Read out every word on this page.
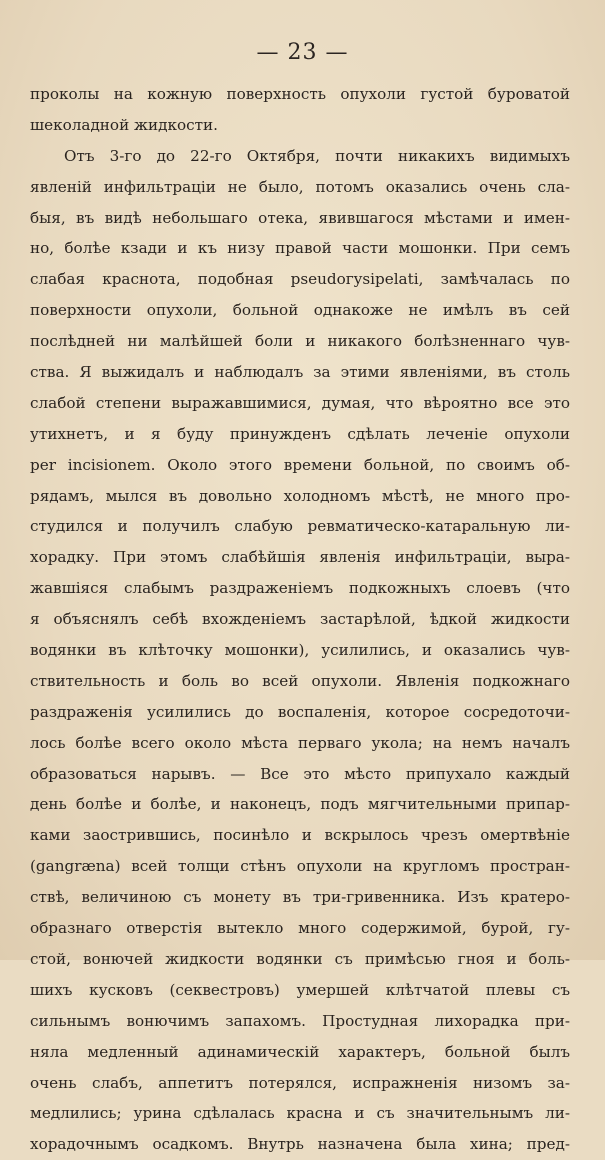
— 23 —
проколы на кожную поверхность опухоли густой буроватой
шеколадной жидкости.
Отъ 3-го до 22-го Октября, почти никакихъ видимыхъ
явленій инфильтраціи не было, потомъ оказались очень сла-
быя, въ видѣ небольшаго отека, явившагося мѣстами и имен-
но, болѣе кзади и къ низу правой части мошонки. При семъ
слабая краснота, подобная pseudoгysipelati, замѣчалась по
поверхности опухоли, больной однакоже не имѣлъ въ сей
послѣдней ни малѣйшей боли и никакого болѣзненнаго чув-
ства. Я выжидалъ и наблюдалъ за этими явленіями, въ столь
слабой степени выражавшимися, думая, что вѣроятно все это
утихнетъ, и я буду принужденъ сдѣлать леченіе опухоли
per incisionem. Около этого времени больной, по своимъ об-
рядамъ, мылся въ довольно холодномъ мѣстѣ, не много про-
студился и получилъ слабую ревматическо-катаральную ли-
хорадку. При этомъ слабѣйшія явленія инфильтраціи, выра-
жавшіяся слабымъ раздраженіемъ подкожныхъ слоевъ (что
я объяснялъ себѣ вхожденіемъ застарѣлой, ѣдкой жидкости
водянки въ клѣточку мошонки), усилились, и оказались чув-
ствительность и боль во всей опухоли. Явленія подкожнаго
раздраженія усилились до воспаленія, которое сосредоточи-
лось болѣе всего около мѣста перваго укола; на немъ началъ
образоваться нарывъ. — Все это мѣсто припухало каждый
день болѣе и болѣе, и наконецъ, подъ мягчительными припар-
ками заострившись, посинѣло и вскрылось чрезъ омертвѣніе
(gangræna) всей толщи стѣнъ опухоли на кругломъ простран-
ствѣ, величиною съ монету въ три-гривенника. Изъ кратеро-
образнаго отверстія вытекло много содержимой, бурой, гу-
стой, вонючей жидкости водянки съ примѣсью гноя и боль-
шихъ кусковъ (секвестровъ) умершей клѣтчатой плевы съ
сильнымъ вонючимъ запахомъ. Простудная лихорадка при-
няла медленный адинамическій характеръ, больной былъ
очень слабъ, аппетитъ потерялся, испражненія низомъ за-
медлились; урина сдѣлалась красна и съ значительнымъ ли-
хорадочнымъ осадкомъ. Внутрь назначена была хина; пред-
